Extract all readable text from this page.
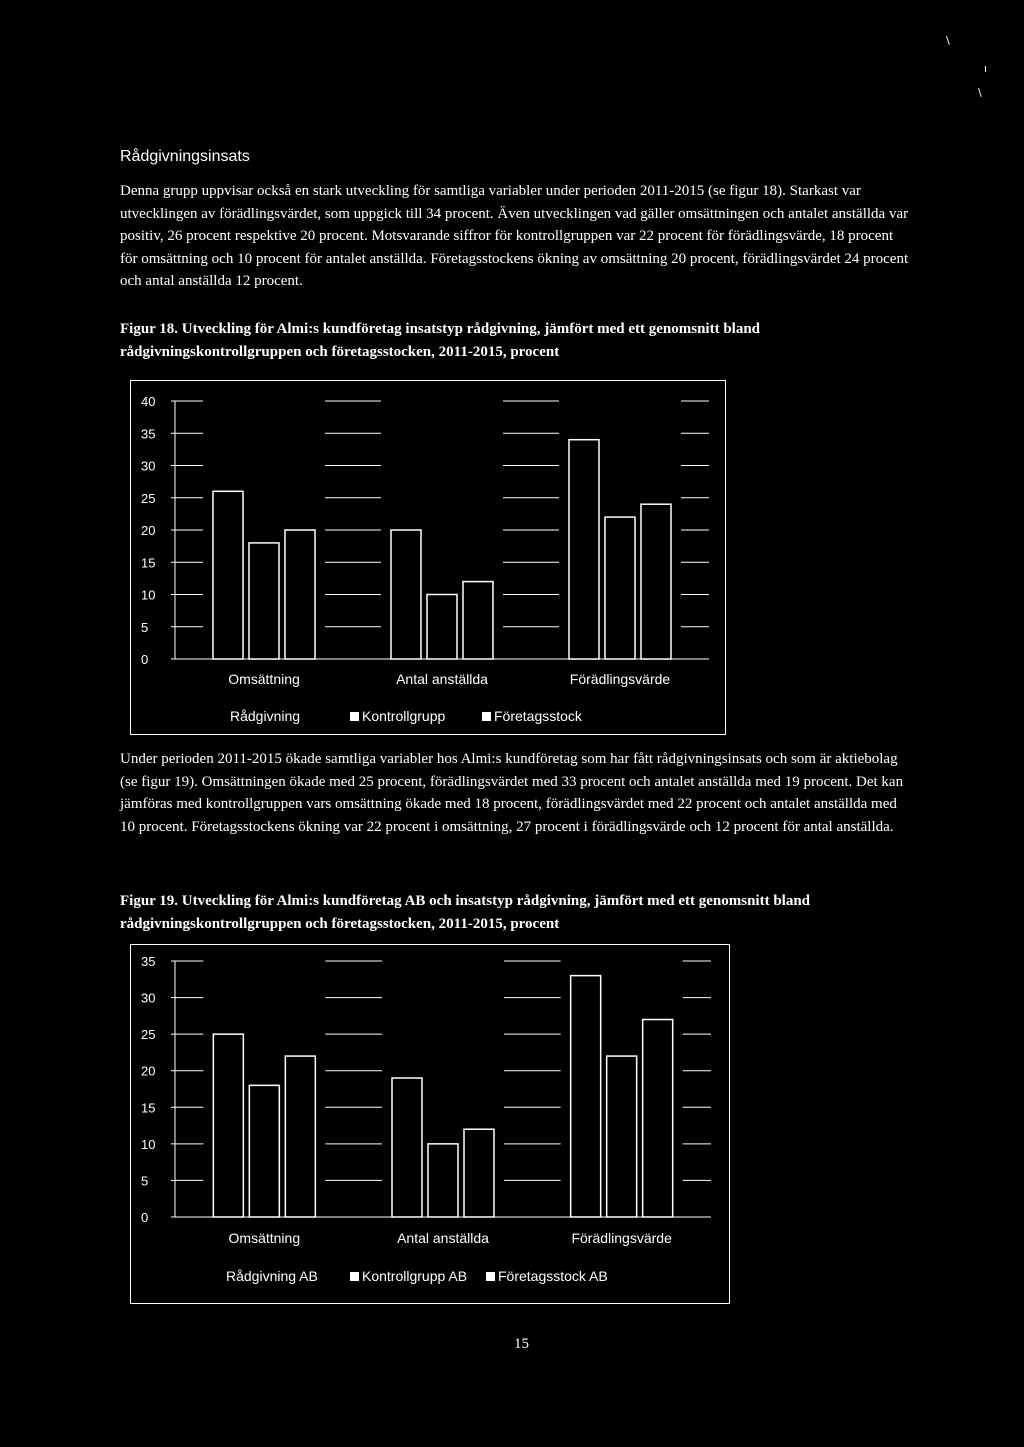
\
ı
\
Rådgivningsinsats

Denna grupp uppvisar också en stark utveckling för samtliga variabler under perioden 2011-2015 (se figur 18). Starkast var utvecklingen av förädlingsvärdet, som uppgick till 34 procent. Även utvecklingen vad gäller omsättningen och antalet anställda var positiv, 26 procent respektive 20 procent. Motsvarande siffror för kontrollgruppen var 22 procent för förädlingsvärde, 18 procent för omsättning och 10 procent för antalet anställda. Företagsstockens ökning av omsättning 20 procent, förädlingsvärdet 24 procent och antal anställda 12 procent.

Figur 18. Utveckling för Almi:s kundföretag insatstyp rådgivning, jämfört med ett genomsnitt bland rådgivningskontrollgruppen och företagsstocken, 2011-2015, procent

0
5
10
15
20
25
30
35
40
Omsättning	Antal anställda	Förädlingsvärde
Rådgivning	Kontrollgrupp	Företagsstock

Under perioden 2011-2015 ökade samtliga variabler hos Almi:s kundföretag som har fått rådgivningsinsats och som är aktiebolag (se figur 19). Omsättningen ökade med 25 procent, förädlingsvärdet med 33 procent och antalet anställda med 19 procent. Det kan jämföras med kontrollgruppen vars omsättning ökade med 18 procent, förädlingsvärdet med 22 procent och antalet anställda med 10 procent. Företagsstockens ökning var 22 procent i omsättning, 27 procent i förädlingsvärde och 12 procent för antal anställda.

Figur 19. Utveckling för Almi:s kundföretag AB och insatstyp rådgivning, jämfört med ett genomsnitt bland rådgivningskontrollgruppen och företagsstocken, 2011-2015, procent

0
5
10
15
20
25
30
35
Omsättning	Antal anställda	Förädlingsvärde
Rådgivning AB	Kontrollgrupp AB Företagsstock AB
15
